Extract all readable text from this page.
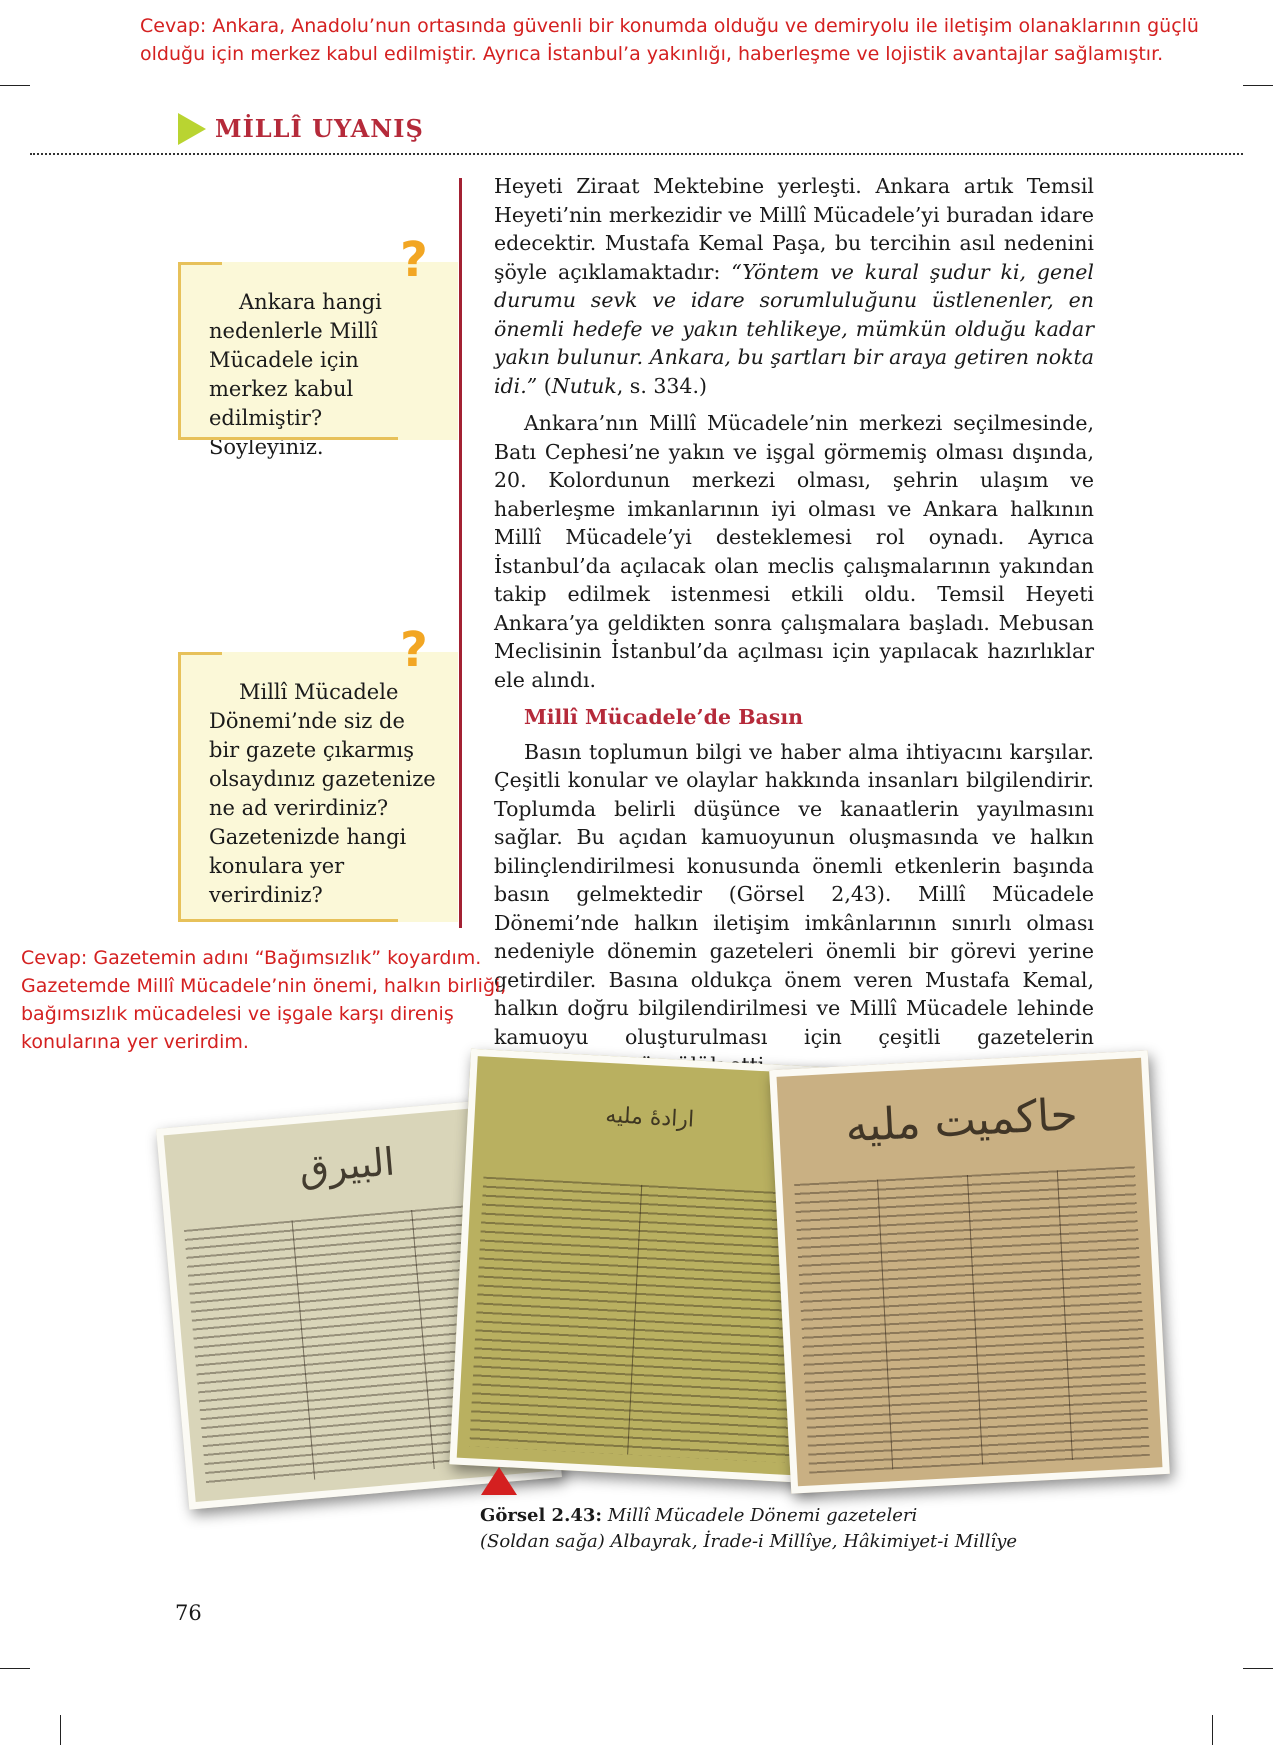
Cevap: Ankara, Anadolu’nun ortasında güvenli bir konumda olduğu ve demiryolu ile iletişim olanaklarının güçlü
olduğu için merkez kabul edilmiştir. Ayrıca İstanbul’a yakınlığı, haberleşme ve lojistik avantajlar sağlamıştır.
MİLLÎ UYANIŞ

Ankara hangi nedenlerle Millî Mücadele için merkez kabul edilmiştir? Söyleyiniz.

?

Millî Mücadele Dönemi’nde siz de bir gazete çıkarmış olsaydınız gazetenize ne ad verirdiniz? Gazetenizde hangi konulara yer verirdiniz?

?

Heyeti Ziraat Mektebine yerleşti. Ankara artık Temsil Heyeti’nin merkezidir ve Millî Mücadele’yi buradan idare edecektir. Mustafa Kemal Paşa, bu tercihin asıl nedenini şöyle açıklamaktadır: “Yöntem ve kural şudur ki, genel durumu sevk ve idare sorumluluğunu üstlenenler, en önemli hedefe ve yakın tehlikeye, mümkün olduğu kadar yakın bulunur. Ankara, bu şartları bir araya getiren nokta idi.” (Nutuk, s. 334.)

Ankara’nın Millî Mücadele’nin merkezi seçilmesinde, Batı Cephesi’ne yakın ve işgal görmemiş olması dışında, 20. Kolordunun merkezi olması, şehrin ulaşım ve haberleşme imkanlarının iyi olması ve Ankara halkının Millî Mücadele’yi desteklemesi rol oynadı. Ayrıca İstanbul’da açılacak olan meclis çalışmalarının yakından takip edilmek istenmesi etkili oldu. Temsil Heyeti Ankara’ya geldikten sonra çalışmalara başladı. Mebusan Meclisinin İstanbul’da açılması için yapılacak hazırlıklar ele alındı.

Millî Mücadele’de Basın

Basın toplumun bilgi ve haber alma ihtiyacını karşılar. Çeşitli konular ve olaylar hakkında insanları bilgilendirir. Toplumda belirli düşünce ve kanaatlerin yayılmasını sağlar. Bu açıdan kamuoyunun oluşmasında ve halkın bilinçlendirilmesi konusunda önemli etkenlerin başında basın gelmektedir (Görsel 2,43). Millî Mücadele Dönemi’nde halkın iletişim imkânlarının sınırlı olması nedeniyle dönemin gazeteleri önemli bir görevi yerine getirdiler. Basına oldukça önem veren Mustafa Kemal, halkın doğru bilgilendirilmesi ve Millî Mücadele lehinde kamuoyu oluşturulması için çeşitli gazetelerin

Cevap: Gazetemin adını “Bağımsızlık” koyardım.
Gazetemde Millî Mücadele’nin önemi, halkın birliği,
bağımsızlık mücadelesi ve işgale karşı direniş
konularına yer verirdim.
البيرق
ارادۀ ملیه	حاكمیت ملیه
Görsel 2.43: Millî Mücadele Dönemi gazeteleri
(Soldan sağa) Albayrak, İrade-i Millîye, Hâkimiyet-i Millîye
76
